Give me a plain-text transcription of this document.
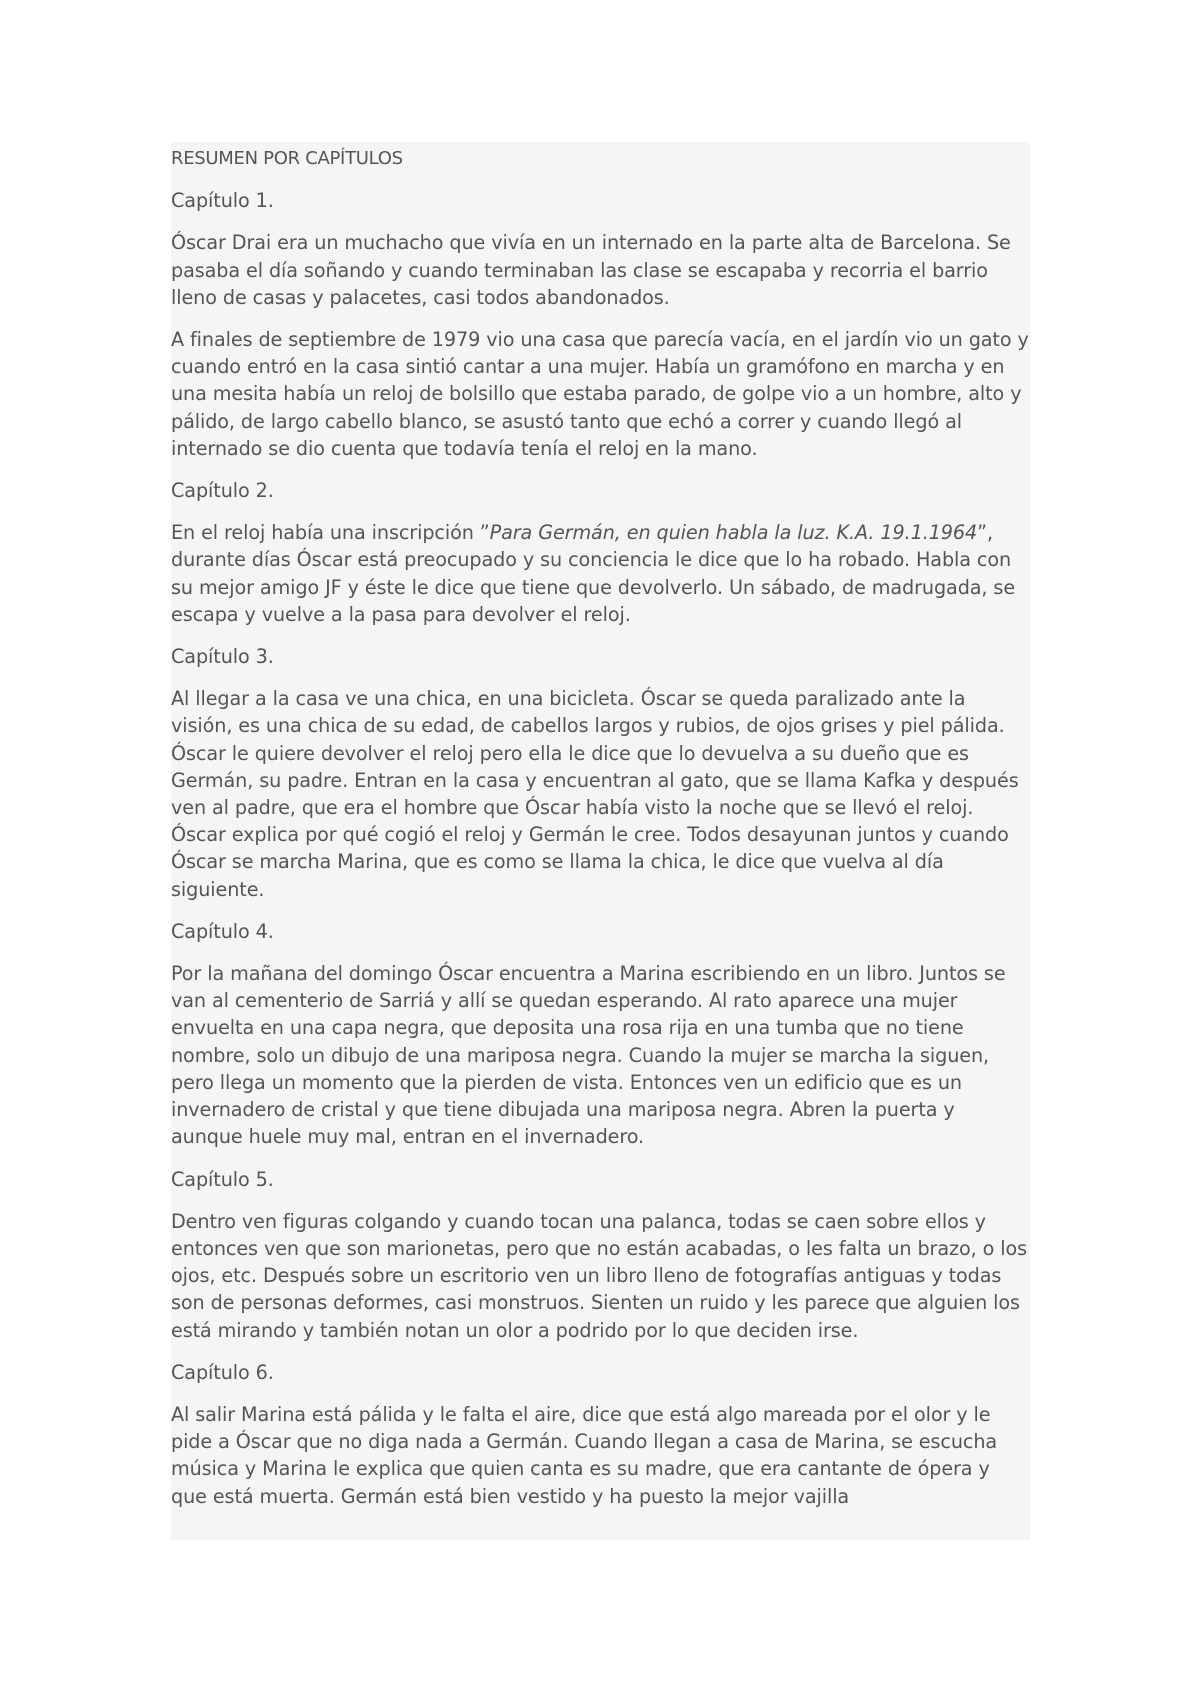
RESUMEN POR CAPÍTULOS

Capítulo 1.

Óscar Drai era un muchacho que vivía en un internado en la parte alta de Barcelona. Se pasaba el día soñando y cuando terminaban las clase se escapaba y recorria el barrio lleno de casas y palacetes, casi todos abandonados.

A finales de septiembre de 1979 vio una casa que parecía vacía, en el jardín vio un gato y cuando entró en la casa sintió cantar a una mujer. Había un gramófono en marcha y en una mesita había un reloj de bolsillo que estaba parado, de golpe vio a un hombre, alto y pálido, de largo cabello blanco, se asustó tanto que echó a correr y cuando llegó al internado se dio cuenta que todavía tenía el reloj en la mano.

Capítulo 2.

En el reloj había una inscripción ”Para Germán, en quien habla la luz. K.A. 19.1.1964”, durante días Óscar está preocupado y su conciencia le dice que lo ha robado. Habla con su mejor amigo JF y éste le dice que tiene que devolverlo. Un sábado, de madrugada, se escapa y vuelve a la pasa para devolver el reloj.

Capítulo 3.

Al llegar a la casa ve una chica, en una bicicleta. Óscar se queda paralizado ante la visión, es una chica de su edad, de cabellos largos y rubios, de ojos grises y piel pálida. Óscar le quiere devolver el reloj pero ella le dice que lo devuelva a su dueño que es Germán, su padre. Entran en la casa y encuentran al gato, que se llama Kafka y después ven al padre, que era el hombre que Óscar había visto la noche que se llevó el reloj. Óscar explica por qué cogió el reloj y Germán le cree. Todos desayunan juntos y cuando Óscar se marcha Marina, que es como se llama la chica, le dice que vuelva al día siguiente.

Capítulo 4.

Por la mañana del domingo Óscar encuentra a Marina escribiendo en un libro. Juntos se van al cementerio de Sarriá y allí se quedan esperando. Al rato aparece una mujer envuelta en una capa negra, que deposita una rosa rija en una tumba que no tiene nombre, solo un dibujo de una mariposa negra. Cuando la mujer se marcha la siguen, pero llega un momento que la pierden de vista. Entonces ven un edificio que es un invernadero de cristal y que tiene dibujada una mariposa negra. Abren la puerta y aunque huele muy mal, entran en el invernadero.

Capítulo 5.

Dentro ven figuras colgando y cuando tocan una palanca, todas se caen sobre ellos y entonces ven que son marionetas, pero que no están acabadas, o les falta un brazo, o los ojos, etc. Después sobre un escritorio ven un libro lleno de fotografías antiguas y todas son de personas deformes, casi monstruos. Sienten un ruido y les parece que alguien los está mirando y también notan un olor a podrido por lo que deciden irse.

Capítulo 6.

Al salir Marina está pálida y le falta el aire, dice que está algo mareada por el olor y le pide a Óscar que no diga nada a Germán. Cuando llegan a casa de Marina, se escucha música y Marina le explica que quien canta es su madre, que era cantante de ópera y que está muerta. Germán está bien vestido y ha puesto la mejor vajilla
